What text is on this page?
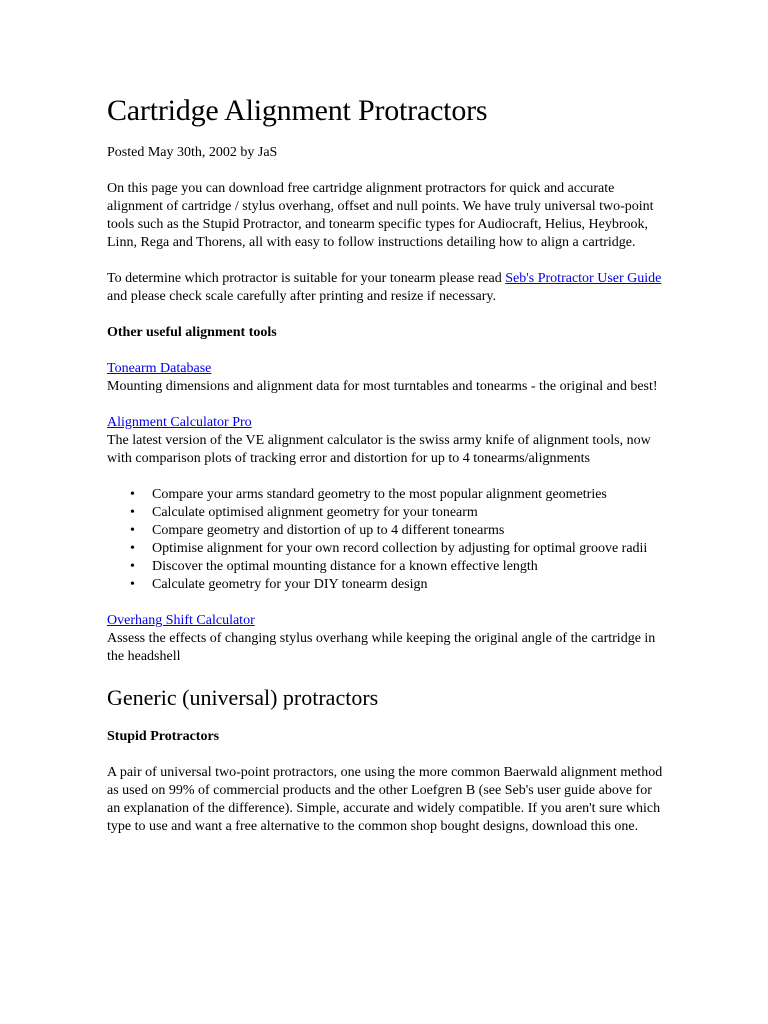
Cartridge Alignment Protractors

Posted May 30th, 2002 by JaS

On this page you can download free cartridge alignment protractors for quick and accurate alignment of cartridge / stylus overhang, offset and null points. We have truly universal two-point tools such as the Stupid Protractor, and tonearm specific types for Audiocraft, Helius, Heybrook, Linn, Rega and Thorens, all with easy to follow instructions detailing how to align a cartridge.

To determine which protractor is suitable for your tonearm please read Seb's Protractor User Guide and please check scale carefully after printing and resize if necessary.

Other useful alignment tools

Tonearm Database

Mounting dimensions and alignment data for most turntables and tonearms - the original and best!

Alignment Calculator Pro

The latest version of the VE alignment calculator is the swiss army knife of alignment tools, now with comparison plots of tracking error and distortion for up to 4 tonearms/alignments

• Compare your arms standard geometry to the most popular alignment geometries
• Calculate optimised alignment geometry for your tonearm
• Compare geometry and distortion of up to 4 different tonearms
• Optimise alignment for your own record collection by adjusting for optimal groove radii
• Discover the optimal mounting distance for a known effective length
• Calculate geometry for your DIY tonearm design
Overhang Shift Calculator

Assess the effects of changing stylus overhang while keeping the original angle of the cartridge in the headshell

Generic (universal) protractors

Stupid Protractors

A pair of universal two-point protractors, one using the more common Baerwald alignment method as used on 99% of commercial products and the other Loefgren B (see Seb's user guide above for an explanation of the difference). Simple, accurate and widely compatible. If you aren't sure which type to use and want a free alternative to the common shop bought designs, download this one.
